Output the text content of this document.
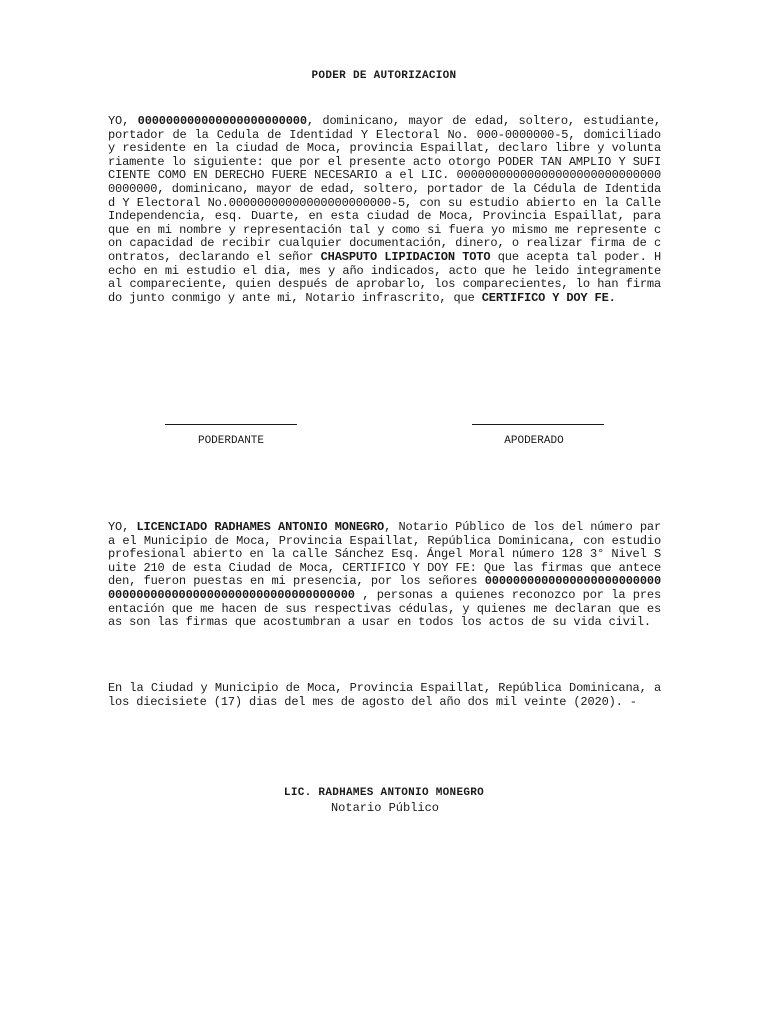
PODER DE AUTORIZACION

YO, 000000000000000000000000, dominicano, mayor de edad, soltero, estudiante, portador de la Cedula de Identidad Y Electoral No. 000-0000000-5, domiciliado y residente en la ciudad de Moca, provincia Espaillat, declaro libre y voluntariamente lo siguiente: que por el presente acto otorgo PODER TAN AMPLIO Y SUFICIENTE COMO EN DERECHO FUERE NECESARIO a el LIC. 000000000000000000000000000000000000, dominicano, mayor de edad, soltero, portador de la Cédula de Identidad Y Electoral No.00000000000000000000000-5, con su estudio abierto en la Calle Independencia, esq. Duarte, en esta ciudad de Moca, Provincia Espaillat, para que en mi nombre y representación tal y como si fuera yo mismo me represente con capacidad de recibir cualquier documentación, dinero, o realizar firma de contratos, declarando el señor CHASPUTO LIPIDACION TOTO que acepta tal poder. Hecho en mi estudio el dia, mes y año indicados, acto que he leido integramente al compareciente, quien después de aprobarlo, los comparecientes, lo han firmado junto conmigo y ante mi, Notario infrascrito, que CERTIFICO Y DOY FE.

PODERDANTE	APODERADO

YO, LICENCIADO RADHAMES ANTONIO MONEGRO, Notario Público de los del número para el Municipio de Moca, Provincia Espaillat, República Dominicana, con estudio profesional abierto en la calle Sánchez Esq. Ángel Moral número 128 3° Nivel Suite 210 de esta Ciudad de Moca, CERTIFICO Y DOY FE: Que las firmas que anteceden, fueron puestas en mi presencia, por los señores 000000000000000000000000000000000000000000000000000000000000 , personas a quienes reconozco por la presentación que me hacen de sus respectivas cédulas, y quienes me declaran que esas son las firmas que acostumbran a usar en todos los actos de su vida civil.

En la Ciudad y Municipio de Moca, Provincia Espaillat, República Dominicana, a los diecisiete (17) dias del mes de agosto del año dos mil veinte (2020). -

LIC. RADHAMES ANTONIO MONEGRO
Notario Público
